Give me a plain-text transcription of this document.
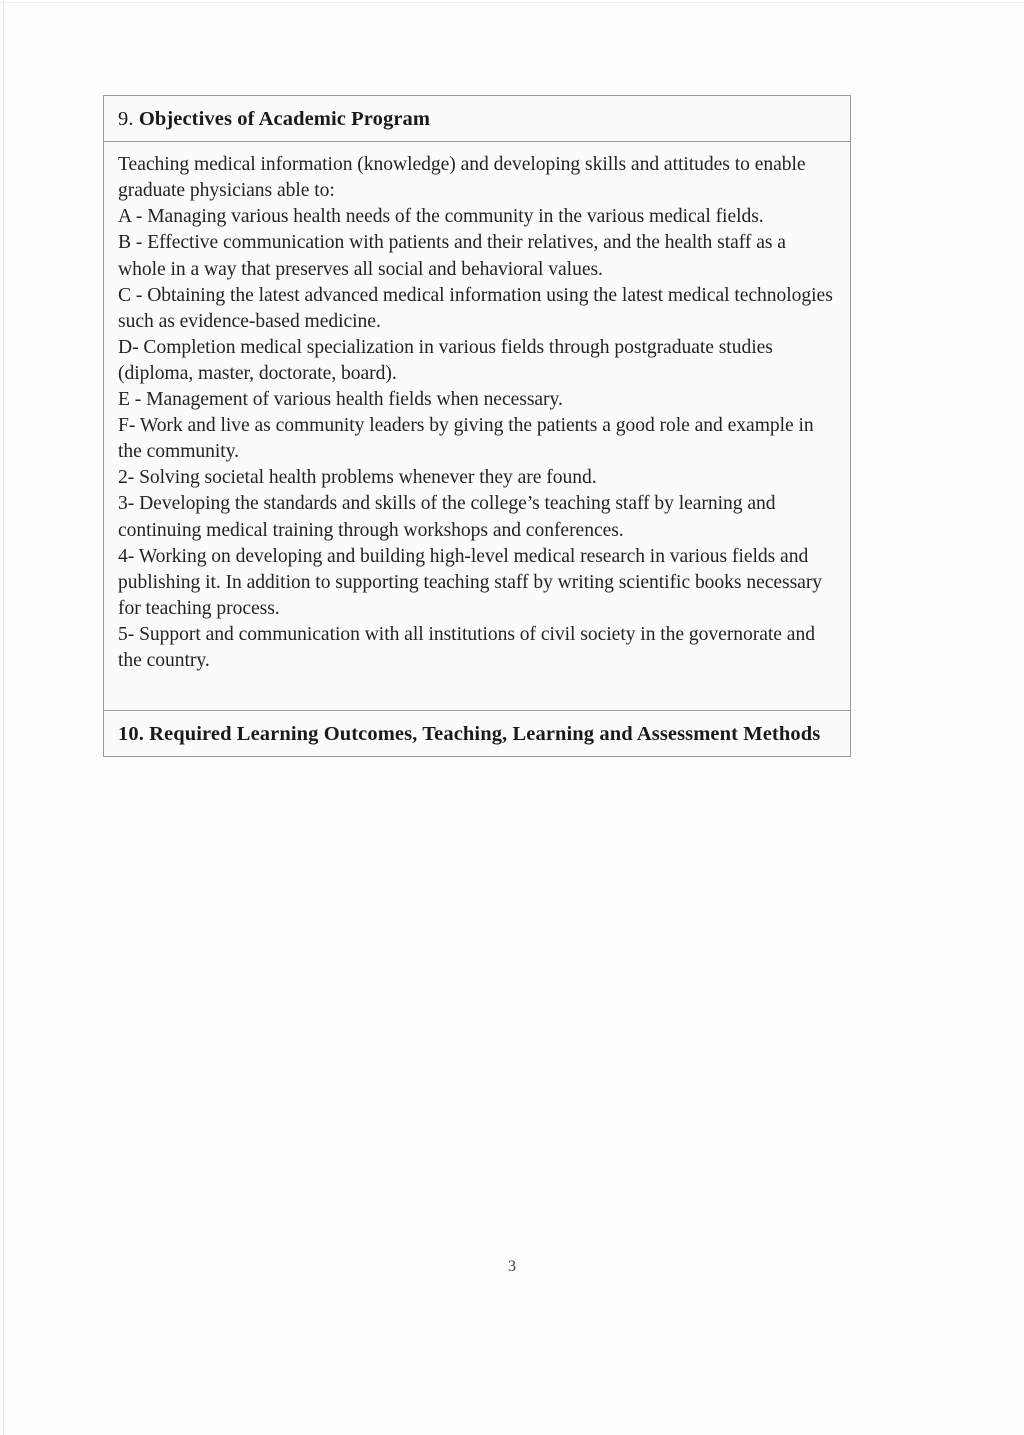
9. Objectives of Academic Program

Teaching medical information (knowledge) and developing skills and attitudes to enable
graduate physicians able to:
A - Managing various health needs of the community in the various medical fields.
B - Effective communication with patients and their relatives, and the health staff as a
whole in a way that preserves all social and behavioral values.
C - Obtaining the latest advanced medical information using the latest medical technologies
such as evidence-based medicine.
D- Completion medical specialization in various fields through postgraduate studies
(diploma, master, doctorate, board).
E - Management of various health fields when necessary.
F- Work and live as community leaders by giving the patients a good role and example in
the community.
2- Solving societal health problems whenever they are found.
3- Developing the standards and skills of the college’s teaching staff by learning and
continuing medical training through workshops and conferences.
4- Working on developing and building high-level medical research in various fields and
publishing it. In addition to supporting teaching staff by writing scientific books necessary
for teaching process.
5- Support and communication with all institutions of civil society in the governorate and
the country.

10. Required Learning Outcomes, Teaching, Learning and Assessment Methods
3
